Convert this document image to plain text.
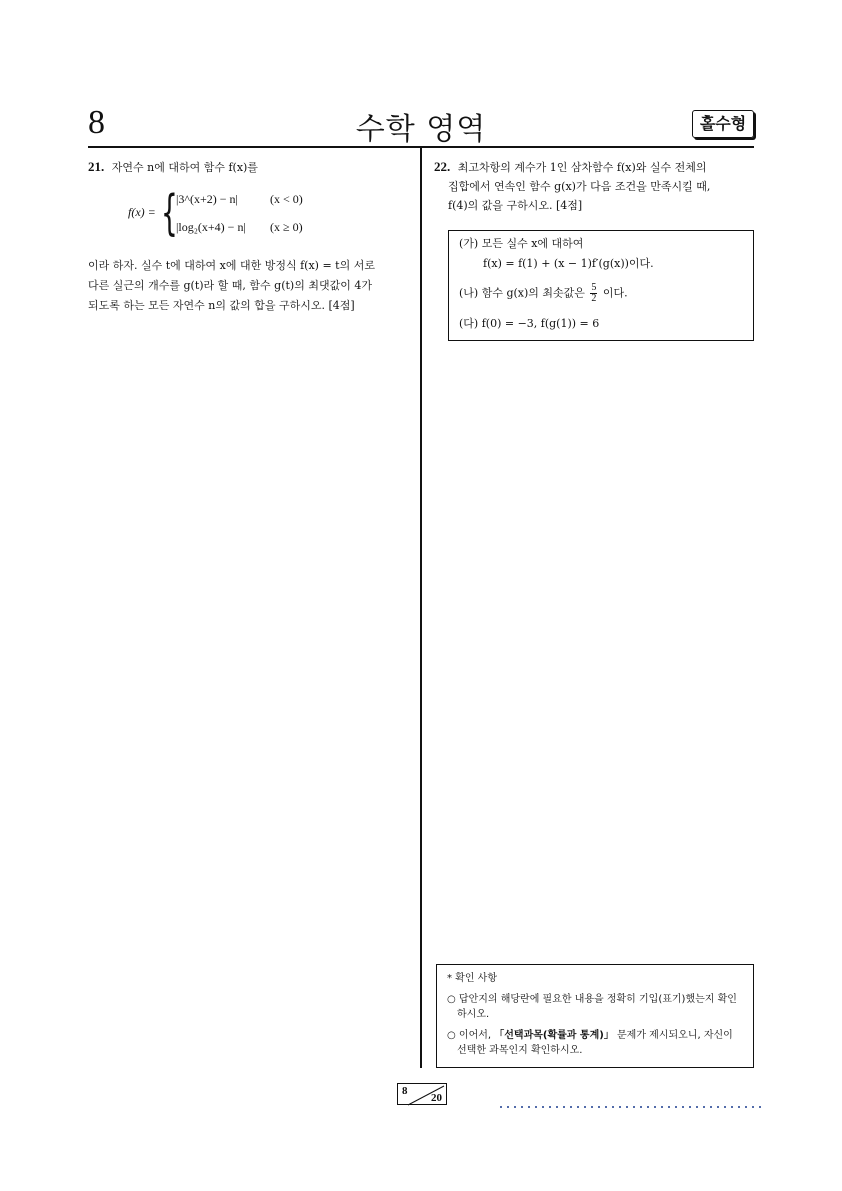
8	수학 영역	홀수형
21. 자연수 n에 대하여 함수 f(x)를
f(x) = {
|3^(x+2) − n|	(x < 0)
|log₂(x+4) − n| (x ≥ 0)
이라 하자. 실수 t에 대하여 x에 대한 방정식 f(x) = t의 서로
다른 실근의 개수를 g(t)라 할 때, 함수 g(t)의 최댓값이 4가
되도록 하는 모든 자연수 n의 값의 합을 구하시오. [4점]
22. 최고차항의 계수가 1인 삼차함수 f(x)와 실수 전체의
집합에서 연속인 함수 g(x)가 다음 조건을 만족시킬 때,
f(4)의 값을 구하시오. [4점]
(가) 모든 실수 x에 대하여
f(x) = f(1) + (x − 1)f′(g(x))이다.
(나) 함수 g(x)의 최솟값은 $\frac{5}{2}$ 이다.
(다) f(0) = −3, f(g(1)) = 6
* 확인 사항
○ 답안지의 해당란에 필요한 내용을 정확히 기입(표기)했는지 확인하시오.
○ 이어서, 「선택과목(확률과 통계)」 문제가 제시되오니, 자신이 선택한 과목인지 확인하시오.
8
20
